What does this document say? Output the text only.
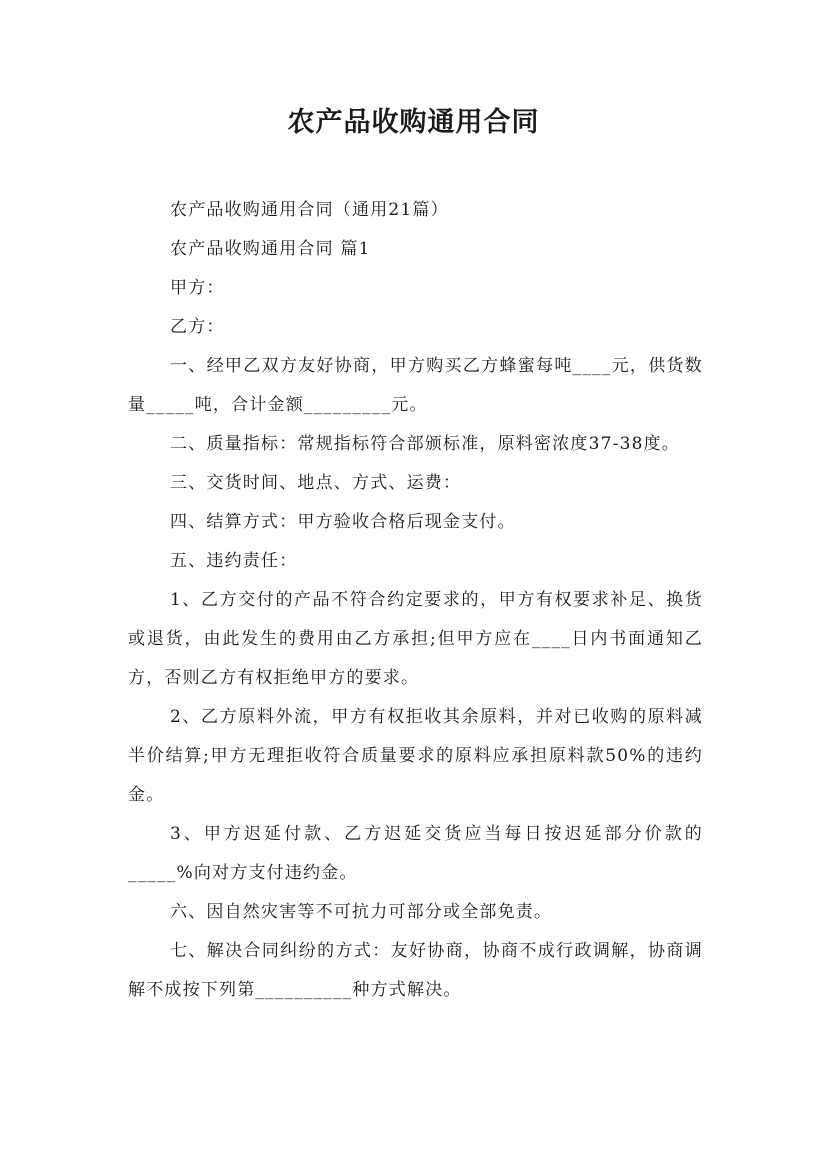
农产品收购通用合同

农产品收购通用合同（通用21篇）

农产品收购通用合同 篇1

甲方：

乙方：

一、经甲乙双方友好协商，甲方购买乙方蜂蜜每吨____元，供货数量_____吨，合计金额_________元。

二、质量指标：常规指标符合部颁标准，原料密浓度37-38度。

三、交货时间、地点、方式、运费：

四、结算方式：甲方验收合格后现金支付。

五、违约责任：

1、乙方交付的产品不符合约定要求的，甲方有权要求补足、换货或退货，由此发生的费用由乙方承担;但甲方应在____日内书面通知乙方，否则乙方有权拒绝甲方的要求。

2、乙方原料外流，甲方有权拒收其余原料，并对已收购的原料减半价结算;甲方无理拒收符合质量要求的原料应承担原料款50%的违约金。

3、甲方迟延付款、乙方迟延交货应当每日按迟延部分价款的_____%向对方支付违约金。

六、因自然灾害等不可抗力可部分或全部免责。

七、解决合同纠纷的方式：友好协商，协商不成行政调解，协商调解不成按下列第__________种方式解决。
